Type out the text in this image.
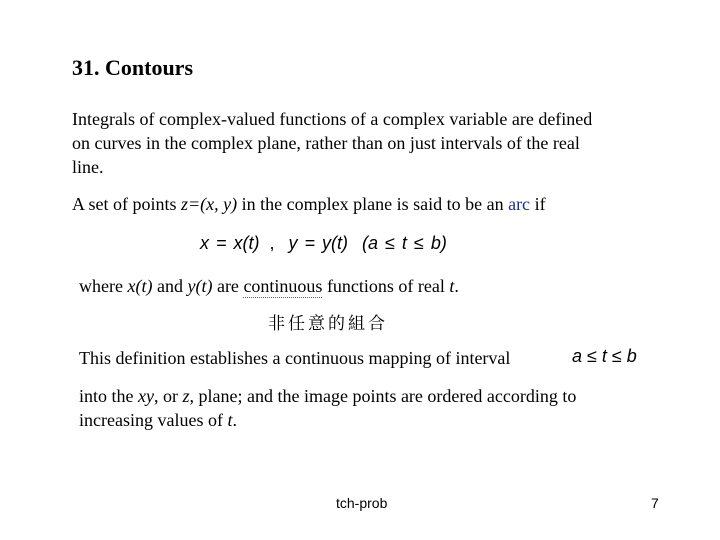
31. Contours
Integrals of complex-valued functions of a complex variable are defined
on curves in the complex plane, rather than on just intervals of the real
line.
A set of points z=(x, y) in the complex plane is said to be an arc if
x = x(t) , y = y(t) (a ≤ t ≤ b)
where x(t) and y(t) are continuous functions of real t.
非任意的組合
This definition establishes a continuous mapping of interval	a ≤ t ≤ b
into the xy, or z, plane; and the image points are ordered according to
increasing values of t.
tch-prob	7
